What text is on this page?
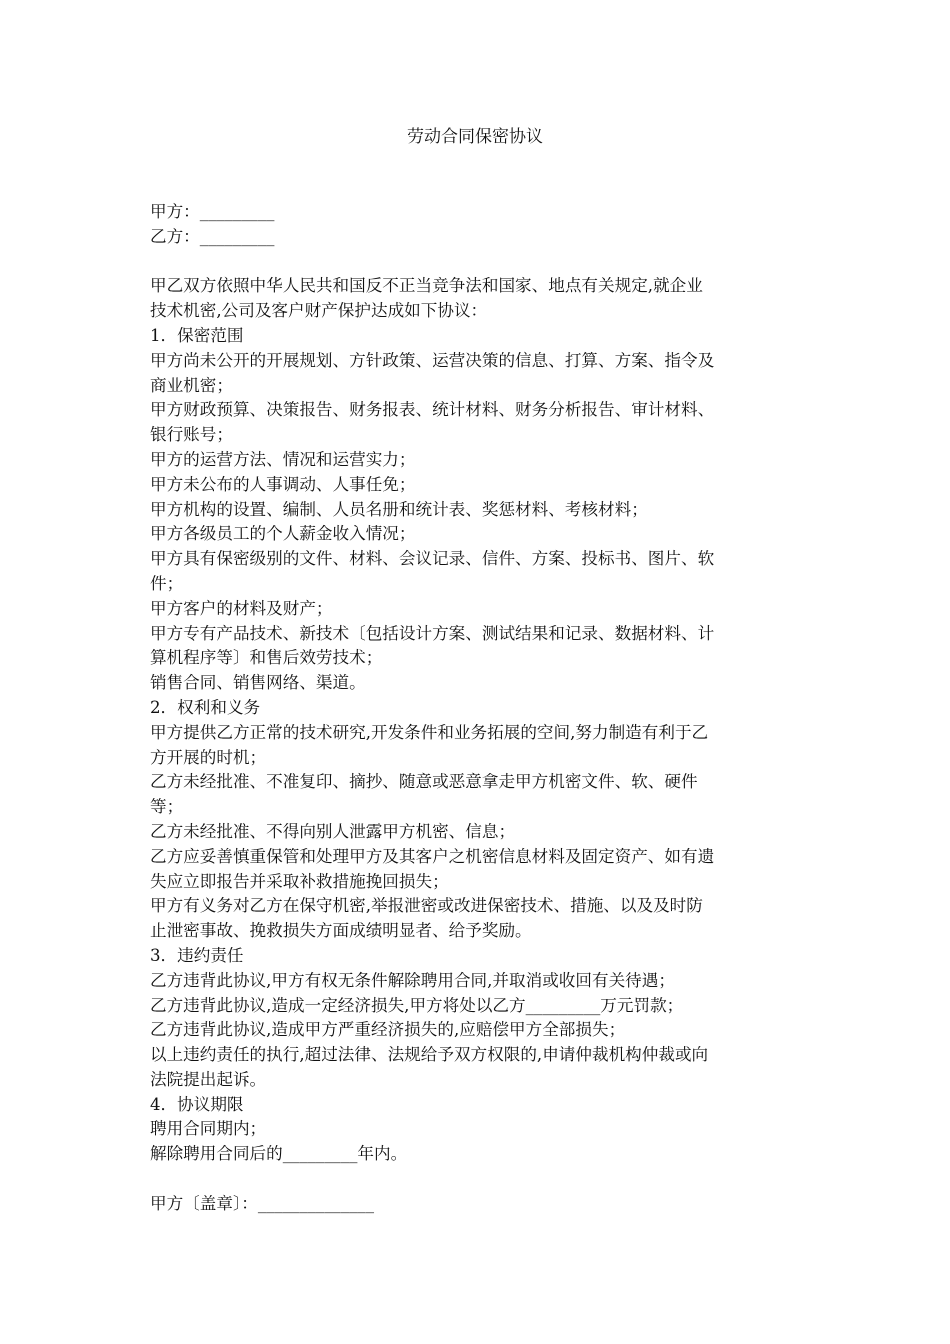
劳动合同保密协议
甲方：_________
乙方：_________
甲乙双方依照中华人民共和国反不正当竞争法和国家、地点有关规定,就企业
技术机密,公司及客户财产保护达成如下协议：
1．保密范围
甲方尚未公开的开展规划、方针政策、运营决策的信息、打算、方案、指令及
商业机密；
甲方财政预算、决策报告、财务报表、统计材料、财务分析报告、审计材料、
银行账号；
甲方的运营方法、情况和运营实力；
甲方未公布的人事调动、人事任免；
甲方机构的设置、编制、人员名册和统计表、奖惩材料、考核材料；
甲方各级员工的个人薪金收入情况；
甲方具有保密级别的文件、材料、会议记录、信件、方案、投标书、图片、软
件；
甲方客户的材料及财产；
甲方专有产品技术、新技术〔包括设计方案、测试结果和记录、数据材料、计
算机程序等〕和售后效劳技术；
销售合同、销售网络、渠道。
2．权利和义务
甲方提供乙方正常的技术研究,开发条件和业务拓展的空间,努力制造有利于乙
方开展的时机；
乙方未经批准、不准复印、摘抄、随意或恶意拿走甲方机密文件、软、硬件
等；
乙方未经批准、不得向别人泄露甲方机密、信息；
乙方应妥善慎重保管和处理甲方及其客户之机密信息材料及固定资产、如有遗
失应立即报告并采取补救措施挽回损失；
甲方有义务对乙方在保守机密,举报泄密或改进保密技术、措施、以及及时防
止泄密事故、挽救损失方面成绩明显者、给予奖励。
3．违约责任
乙方违背此协议,甲方有权无条件解除聘用合同,并取消或收回有关待遇；
乙方违背此协议,造成一定经济损失,甲方将处以乙方_________万元罚款；
乙方违背此协议,造成甲方严重经济损失的,应赔偿甲方全部损失；
以上违约责任的执行,超过法律、法规给予双方权限的,申请仲裁机构仲裁或向
法院提出起诉。
4．协议期限
聘用合同期内；
解除聘用合同后的_________年内。
甲方〔盖章〕：______________
